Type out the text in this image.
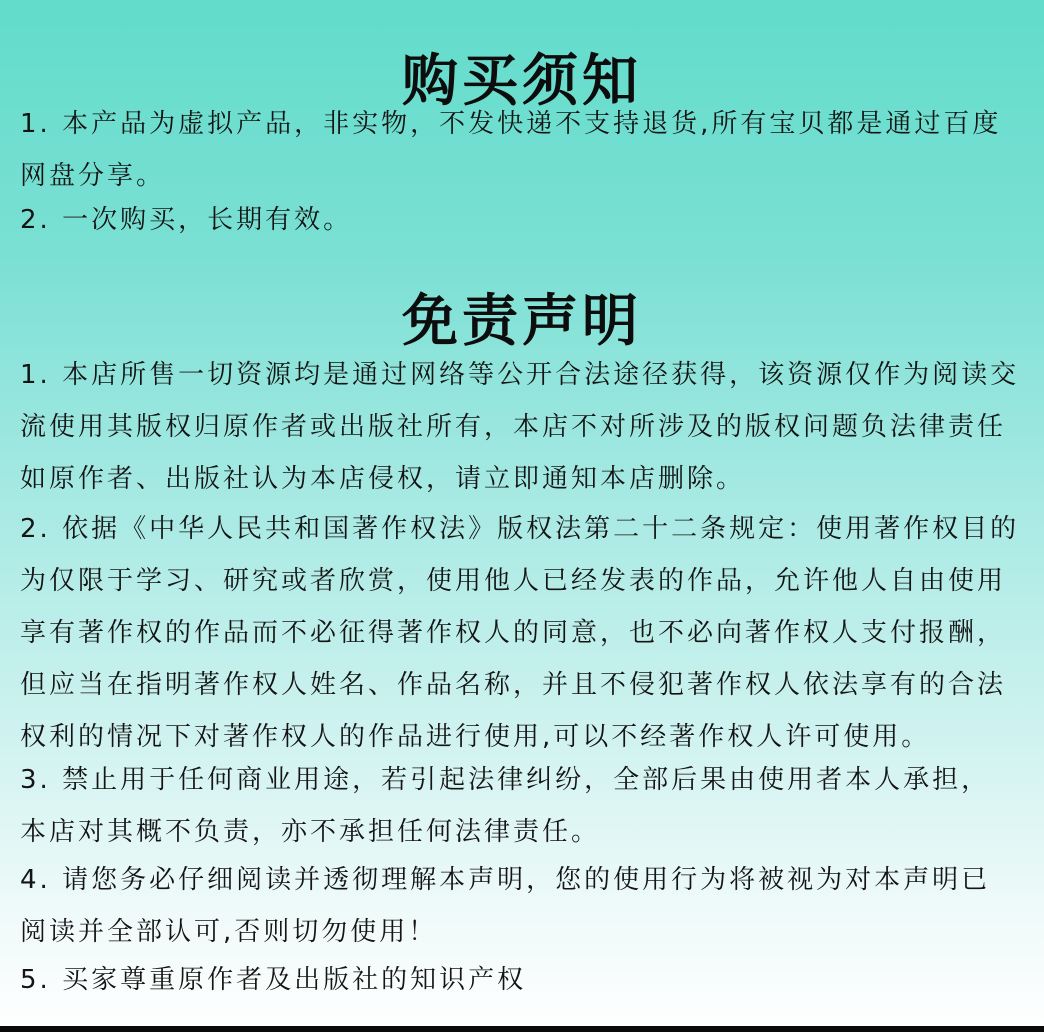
购买须知
1. 本产品为虚拟产品，非实物，不发快递不支持退货,所有宝贝都是通过百度
网盘分享。
2. 一次购买，长期有效。
免责声明
1. 本店所售一切资源均是通过网络等公开合法途径获得，该资源仅作为阅读交
流使用其版权归原作者或出版社所有，本店不对所涉及的版权问题负法律责任
如原作者、出版社认为本店侵权，请立即通知本店删除。
2. 依据《中华人民共和国著作权法》版权法第二十二条规定：使用著作权目的
为仅限于学习、研究或者欣赏，使用他人已经发表的作品，允许他人自由使用
享有著作权的作品而不必征得著作权人的同意，也不必向著作权人支付报酬，
但应当在指明著作权人姓名、作品名称，并且不侵犯著作权人依法享有的合法
权利的情况下对著作权人的作品进行使用,可以不经著作权人许可使用。
3. 禁止用于任何商业用途，若引起法律纠纷，全部后果由使用者本人承担，
本店对其概不负责，亦不承担任何法律责任。
4. 请您务必仔细阅读并透彻理解本声明，您的使用行为将被视为对本声明已
阅读并全部认可,否则切勿使用！
5. 买家尊重原作者及出版社的知识产权
